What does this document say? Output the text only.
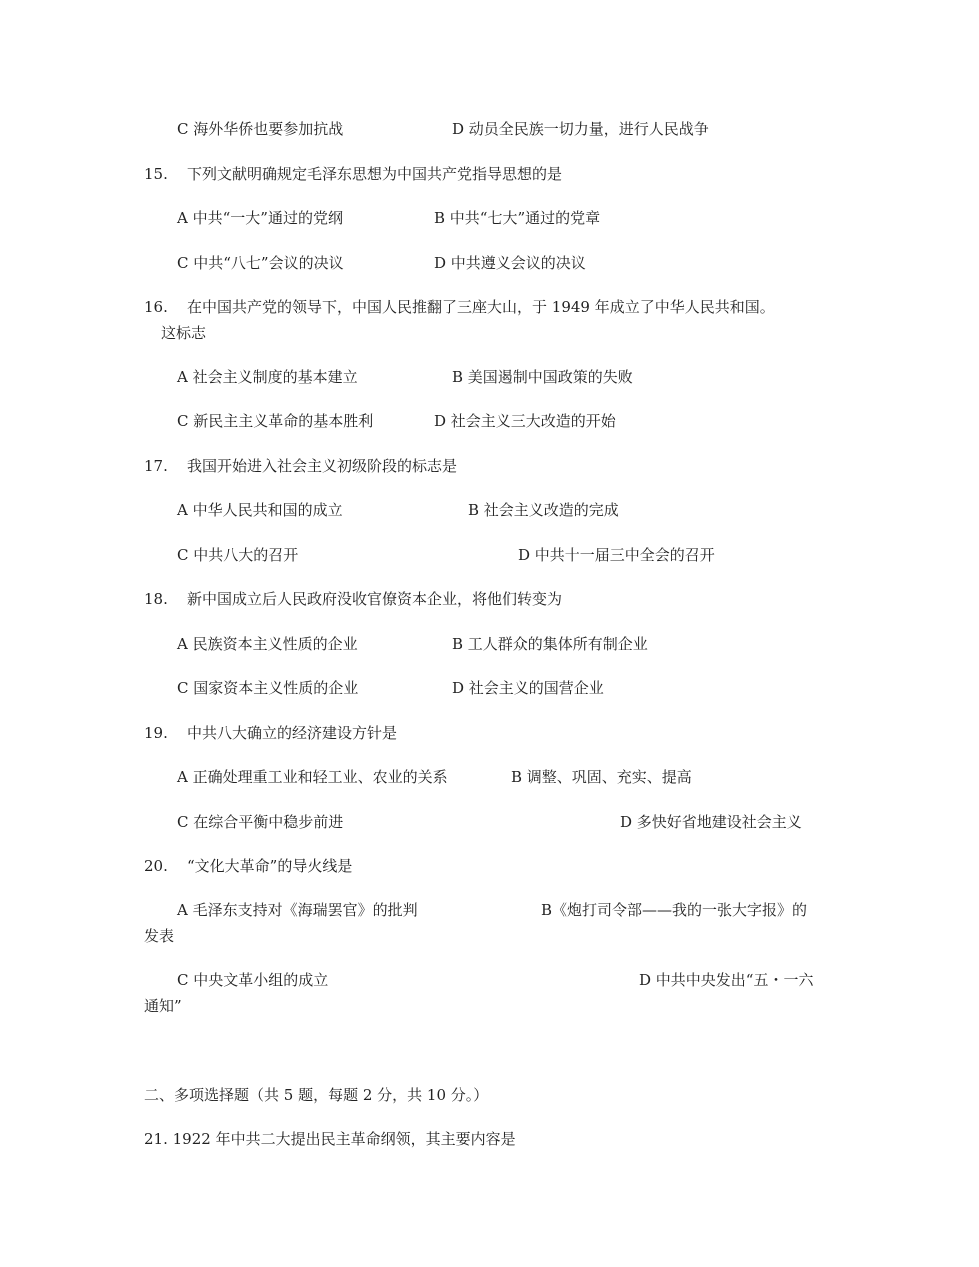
C 海外华侨也要参加抗战	D 动员全民族一切力量，进行人民战争
15. 下列文献明确规定毛泽东思想为中国共产党指导思想的是
A 中共“一大”通过的党纲	B 中共“七大”通过的党章
C 中共“八七”会议的决议	D 中共遵义会议的决议
16. 在中国共产党的领导下，中国人民推翻了三座大山，于 1949 年成立了中华人民共和国。
这标志
A 社会主义制度的基本建立	B 美国遏制中国政策的失败
C 新民主主义革命的基本胜利	D 社会主义三大改造的开始
17. 我国开始进入社会主义初级阶段的标志是
A 中华人民共和国的成立	B 社会主义改造的完成
C 中共八大的召开	D 中共十一届三中全会的召开
18. 新中国成立后人民政府没收官僚资本企业，将他们转变为
A 民族资本主义性质的企业	B 工人群众的集体所有制企业
C 国家资本主义性质的企业	D 社会主义的国营企业
19. 中共八大确立的经济建设方针是
A 正确处理重工业和轻工业、农业的关系	B 调整、巩固、充实、提高
C 在综合平衡中稳步前进	D 多快好省地建设社会主义
20. “文化大革命”的导火线是
A 毛泽东支持对《海瑞罢官》的批判	B《炮打司令部——我的一张大字报》的
发表
C 中央文革小组的成立	D 中共中央发出“五・一六
通知”
二、多项选择题（共 5 题，每题 2 分，共 10 分。）
21. 1922 年中共二大提出民主革命纲领，其主要内容是
